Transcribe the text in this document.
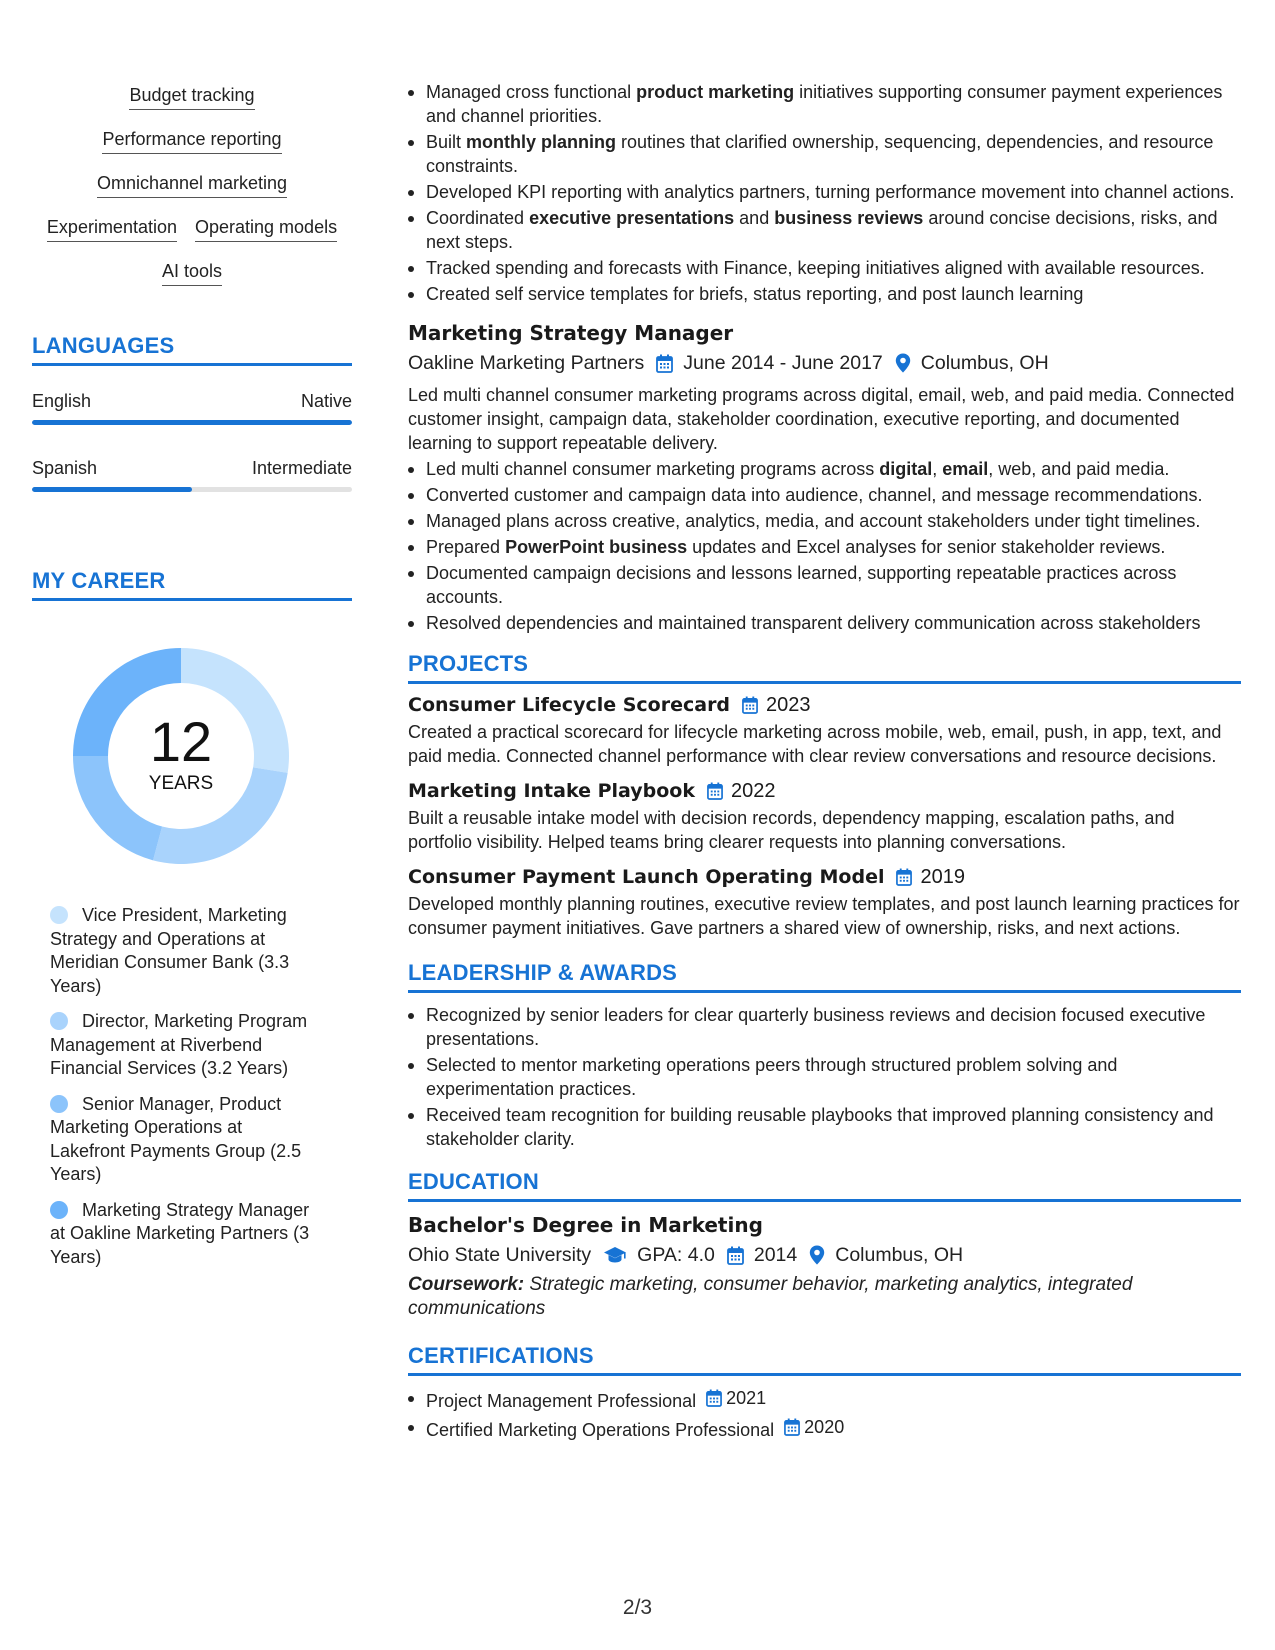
Budget tracking
Performance reporting
Omnichannel marketing
Experimentation Operating models
AI tools
LANGUAGES
English	Native
Spanish	Intermediate
MY CAREER
12
YEARS
Vice President, Marketing Strategy and Operations at Meridian Consumer Bank (3.3 Years)
Director, Marketing Program Management at Riverbend Financial Services (3.2 Years)
Senior Manager, Product Marketing Operations at Lakefront Payments Group (2.5 Years)
Marketing Strategy Manager at Oakline Marketing Partners (3 Years)
Managed cross functional product marketing initiatives supporting consumer payment experiences and channel priorities.
Built monthly planning routines that clarified ownership, sequencing, dependencies, and resource constraints.
Developed KPI reporting with analytics partners, turning performance movement into channel actions.
Coordinated executive presentations and business reviews around concise decisions, risks, and next steps.
Tracked spending and forecasts with Finance, keeping initiatives aligned with available resources.
Created self service templates for briefs, status reporting, and post launch learning
Marketing Strategy Manager
Oakline Marketing Partners June 2014 - June 2017 Columbus, OH
Led multi channel consumer marketing programs across digital, email, web, and paid media. Connected customer insight, campaign data, stakeholder coordination, executive reporting, and documented learning to support repeatable delivery.
Led multi channel consumer marketing programs across digital, email, web, and paid media.
Converted customer and campaign data into audience, channel, and message recommendations.
Managed plans across creative, analytics, media, and account stakeholders under tight timelines.
Prepared PowerPoint business updates and Excel analyses for senior stakeholder reviews.
Documented campaign decisions and lessons learned, supporting repeatable practices across accounts.
Resolved dependencies and maintained transparent delivery communication across stakeholders
PROJECTS
Consumer Lifecycle Scorecard 2023
Created a practical scorecard for lifecycle marketing across mobile, web, email, push, in app, text, and paid media. Connected channel performance with clear review conversations and resource decisions.
Marketing Intake Playbook 2022
Built a reusable intake model with decision records, dependency mapping, escalation paths, and portfolio visibility. Helped teams bring clearer requests into planning conversations.
Consumer Payment Launch Operating Model 2019
Developed monthly planning routines, executive review templates, and post launch learning practices for consumer payment initiatives. Gave partners a shared view of ownership, risks, and next actions.
LEADERSHIP & AWARDS
Recognized by senior leaders for clear quarterly business reviews and decision focused executive presentations.
Selected to mentor marketing operations peers through structured problem solving and experimentation practices.
Received team recognition for building reusable playbooks that improved planning consistency and stakeholder clarity.
EDUCATION
Bachelor's Degree in Marketing
Ohio State University GPA: 4.0 2014 Columbus, OH
Coursework: Strategic marketing, consumer behavior, marketing analytics, integrated communications
CERTIFICATIONS
Project Management Professional 2021
Certified Marketing Operations Professional 2020
2/3
